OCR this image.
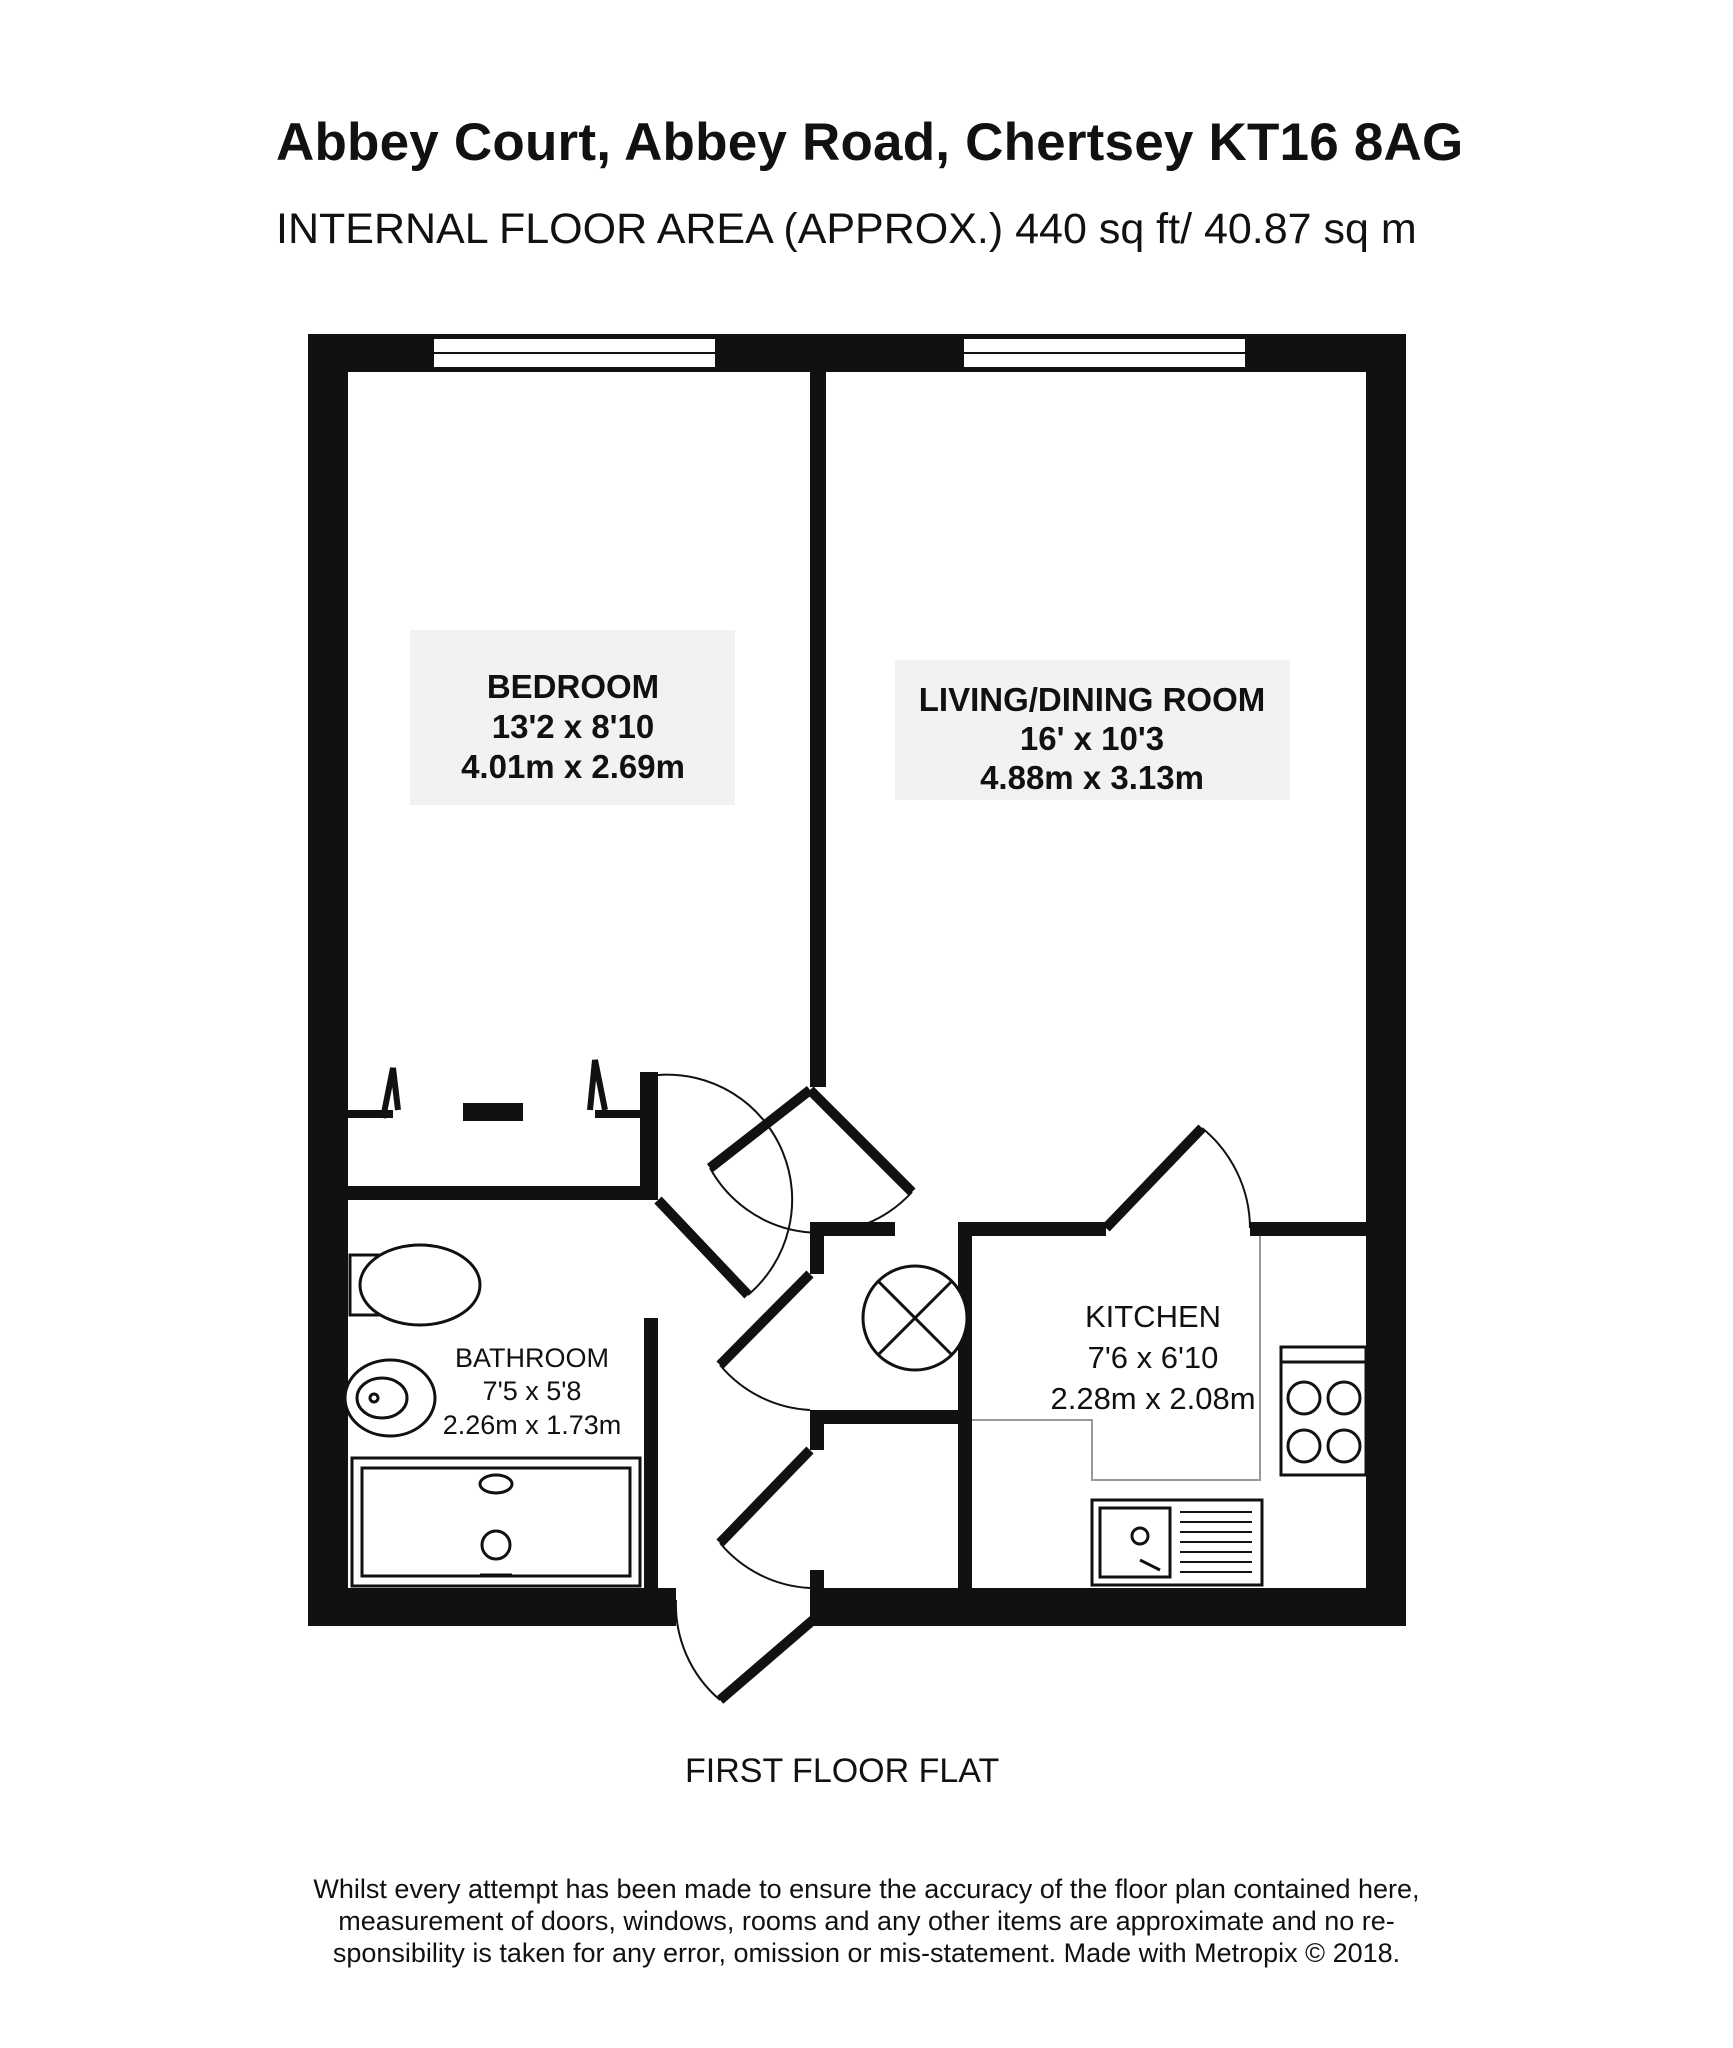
Abbey Court, Abbey Road, Chertsey KT16 8AG
INTERNAL FLOOR AREA (APPROX.) 440 sq ft/ 40.87 sq m
BEDROOM
13'2 x 8'10
4.01m x 2.69m
LIVING/DINING ROOM
16' x 10'3
4.88m x 3.13m
KITCHEN
7'6 x 6'10
2.28m x 2.08m
BATHROOM
7'5 x 5'8
2.26m x 1.73m
FIRST FLOOR FLAT
Whilst every attempt has been made to ensure the accuracy of the floor plan contained here,
measurement of doors, windows, rooms and any other items are approximate and no re-
sponsibility is taken for any error, omission or mis-statement. Made with Metropix © 2018.
